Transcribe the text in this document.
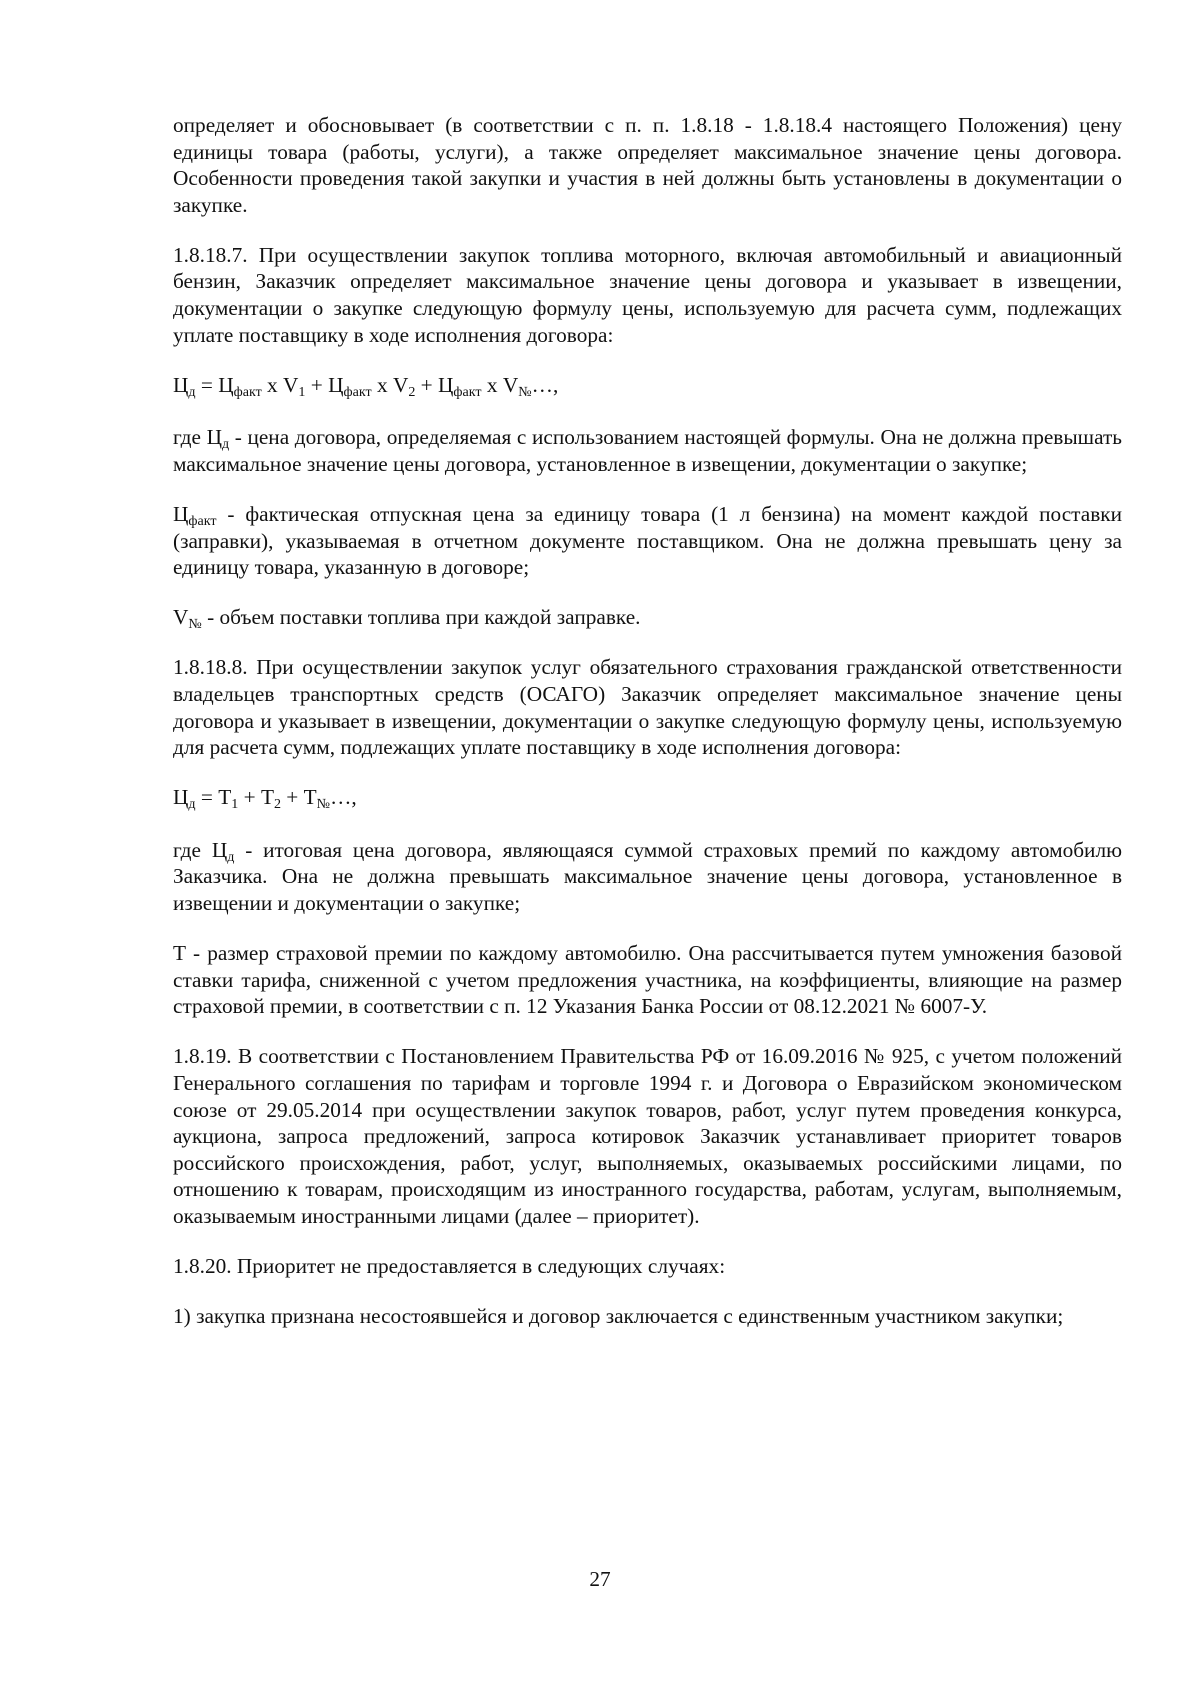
определяет и обосновывает (в соответствии с п. п. 1.8.18 - 1.8.18.4 настоящего Положения) цену единицы товара (работы, услуги), а также определяет максимальное значение цены договора. Особенности проведения такой закупки и участия в ней должны быть установлены в документации о закупке.

1.8.18.7. При осуществлении закупок топлива моторного, включая автомобильный и авиационный бензин, Заказчик определяет максимальное значение цены договора и указывает в извещении, документации о закупке следующую формулу цены, используемую для расчета сумм, подлежащих уплате поставщику в ходе исполнения договора:

$Ц_д = Ц_{факт}$ х $V_1 + Ц_{факт}$ х $V_2 + Ц_{факт}$ х $V_№\dots$,

где $Ц_д$ - цена договора, определяемая с использованием настоящей формулы. Она не должна превышать максимальное значение цены договора, установленное в извещении, документации о закупке;

$Ц_{факт}$ - фактическая отпускная цена за единицу товара (1 л бензина) на момент каждой поставки (заправки), указываемая в отчетном документе поставщиком. Она не должна превышать цену за единицу товара, указанную в договоре;

$V_№$ - объем поставки топлива при каждой заправке.

1.8.18.8. При осуществлении закупок услуг обязательного страхования гражданской ответственности владельцев транспортных средств (ОСАГО) Заказчик определяет максимальное значение цены договора и указывает в извещении, документации о закупке следующую формулу цены, используемую для расчета сумм, подлежащих уплате поставщику в ходе исполнения договора:

$Ц_д = Т_1 + Т_2$ + $Т_№\dots$,

где $Ц_д$ - итоговая цена договора, являющаяся суммой страховых премий по каждому автомобилю Заказчика. Она не должна превышать максимальное значение цены договора, установленное в извещении и документации о закупке;

Т - размер страховой премии по каждому автомобилю. Она рассчитывается путем умножения базовой ставки тарифа, сниженной с учетом предложения участника, на коэффициенты, влияющие на размер страховой премии, в соответствии с п. 12 Указания Банка России от 08.12.2021 № 6007-У.

1.8.19. В соответствии с Постановлением Правительства РФ от 16.09.2016 № 925, с учетом положений Генерального соглашения по тарифам и торговле 1994 г. и Договора о Евразийском экономическом союзе от 29.05.2014 при осуществлении закупок товаров, работ, услуг путем проведения конкурса, аукциона, запроса предложений, запроса котировок Заказчик устанавливает приоритет товаров российского происхождения, работ, услуг, выполняемых, оказываемых российскими лицами, по отношению к товарам, происходящим из иностранного государства, работам, услугам, выполняемым, оказываемым иностранными лицами (далее – приоритет).

1.8.20. Приоритет не предоставляется в следующих случаях:

1) закупка признана несостоявшейся и договор заключается с единственным участником закупки;

27
